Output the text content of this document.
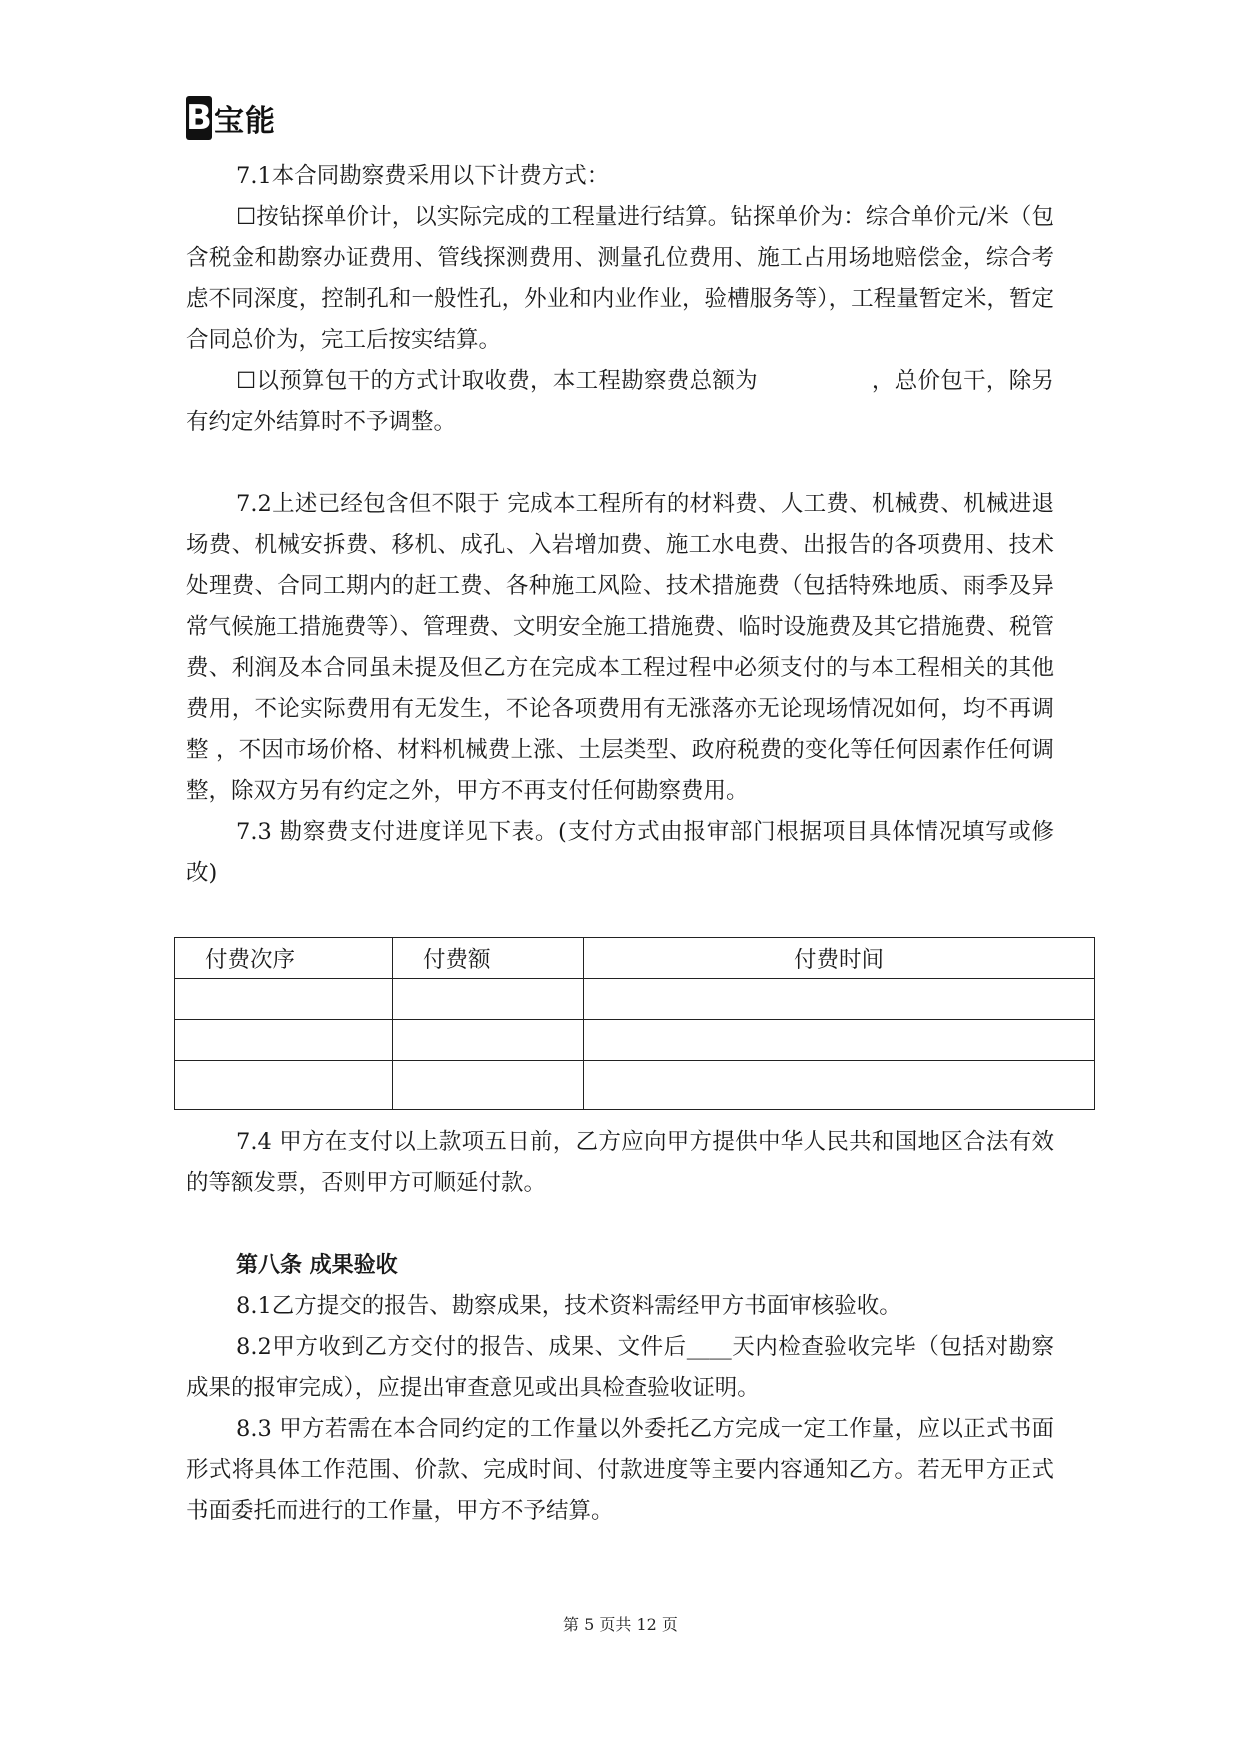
B 宝能

7.1本合同勘察费采用以下计费方式：

☐按钻探单价计，以实际完成的工程量进行结算。钻探单价为：综合单价元/米（包含税金和勘察办证费用、管线探测费用、测量孔位费用、施工占用场地赔偿金，综合考虑不同深度，控制孔和一般性孔，外业和内业作业，验槽服务等），工程量暂定米，暂定合同总价为，完工后按实结算。

☐以预算包干的方式计取收费，本工程勘察费总额为　　　　　，总价包干，除另有约定外结算时不予调整。

7.2上述已经包含但不限于 完成本工程所有的材料费、人工费、机械费、机械进退场费、机械安拆费、移机、成孔、入岩增加费、施工水电费、出报告的各项费用、技术处理费、合同工期内的赶工费、各种施工风险、技术措施费（包括特殊地质、雨季及异常气候施工措施费等）、管理费、文明安全施工措施费、临时设施费及其它措施费、税管费、利润及本合同虽未提及但乙方在完成本工程过程中必须支付的与本工程相关的其他费用，不论实际费用有无发生，不论各项费用有无涨落亦无论现场情况如何，均不再调整 ，不因市场价格、材料机械费上涨、土层类型、政府税费的变化等任何因素作任何调整，除双方另有约定之外，甲方不再支付任何勘察费用。

7.3 勘察费支付进度详见下表。(支付方式由报审部门根据项目具体情况填写或修改)

付费次序	付费额	付费时间

7.4 甲方在支付以上款项五日前，乙方应向甲方提供中华人民共和国地区合法有效的等额发票，否则甲方可顺延付款。

第八条 成果验收

8.1乙方提交的报告、勘察成果，技术资料需经甲方书面审核验收。

8.2甲方收到乙方交付的报告、成果、文件后____天内检查验收完毕（包括对勘察成果的报审完成），应提出审查意见或出具检查验收证明。

8.3 甲方若需在本合同约定的工作量以外委托乙方完成一定工作量，应以正式书面形式将具体工作范围、价款、完成时间、付款进度等主要内容通知乙方。若无甲方正式书面委托而进行的工作量，甲方不予结算。

第 5 页共 12 页
